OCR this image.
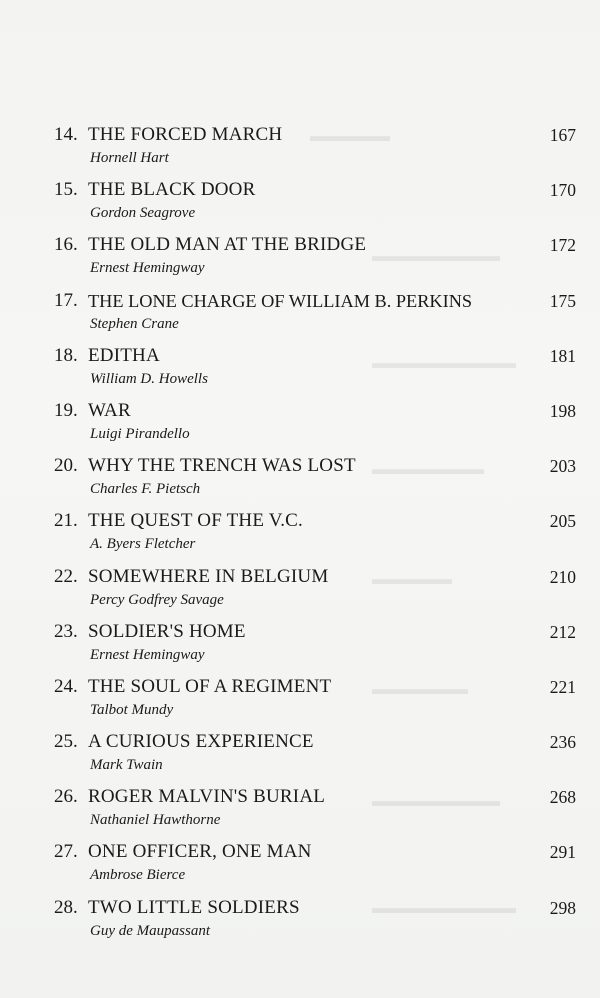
▬▬▬▬▬
▬▬▬▬▬▬▬▬
▬▬▬▬▬▬▬▬▬
▬▬▬▬▬▬▬
▬▬▬▬▬
▬▬▬▬▬▬
▬▬▬▬▬▬▬▬
▬▬▬▬▬▬▬▬▬
14. THE FORCED MARCH	167
Hornell Hart
15. THE BLACK DOOR	170
Gordon Seagrove
16. THE OLD MAN AT THE BRIDGE	172
Ernest Hemingway
17. THE LONE CHARGE OF WILLIAM B. PERKINS	175
Stephen Crane
18. EDITHA	181
William D. Howells
19. WAR	198
Luigi Pirandello
20. WHY THE TRENCH WAS LOST	203
Charles F. Pietsch
21. THE QUEST OF THE V.C.	205
A. Byers Fletcher
22. SOMEWHERE IN BELGIUM	210
Percy Godfrey Savage
23. SOLDIER'S HOME	212
Ernest Hemingway
24. THE SOUL OF A REGIMENT	221
Talbot Mundy
25. A CURIOUS EXPERIENCE	236
Mark Twain
26. ROGER MALVIN'S BURIAL	268
Nathaniel Hawthorne
27. ONE OFFICER, ONE MAN	291
Ambrose Bierce
28. TWO LITTLE SOLDIERS	298
Guy de Maupassant
